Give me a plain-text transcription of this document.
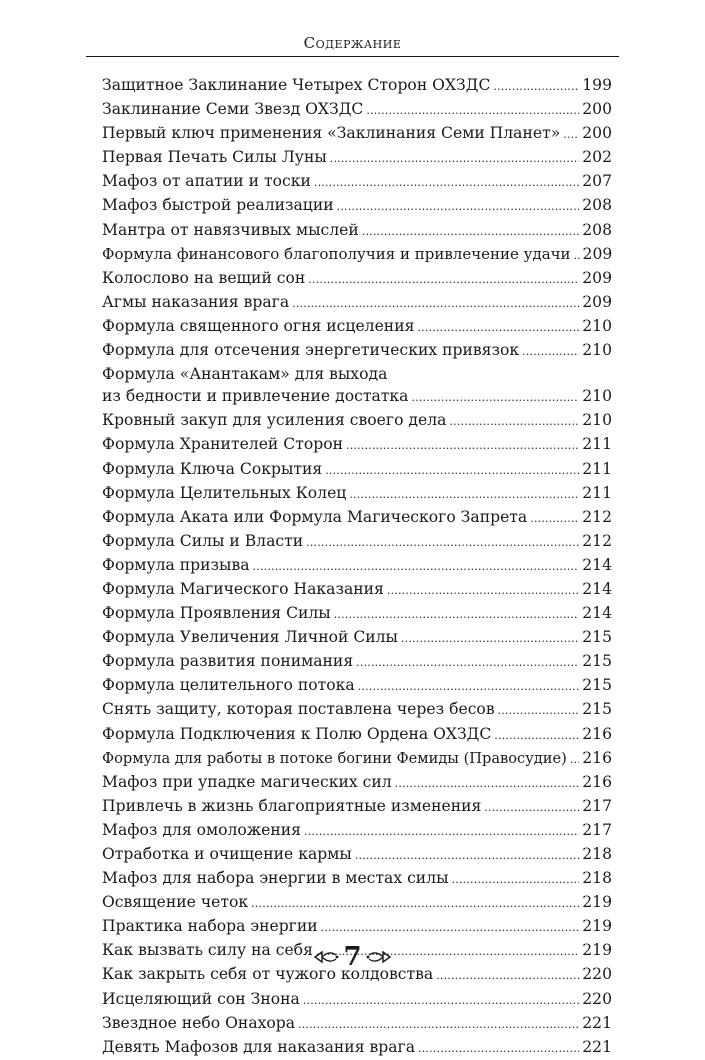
Содержание
Защитное Заклинание Четырех Сторон ОХЗДС .....	199
Заклинание Семи Звезд ОХЗДС .....	200
Первый ключ применения «Заклинания Семи Планет» ..... 200
Первая Печать Силы Луны .....	202
Мафоз от апатии и тоски .....	207
Мафоз быстрой реализации .....	208
Мантра от навязчивых мыслей .....	208
Формула финансового благополучия и привлечение удачи ..... 209
Колослово на вещий сон .....	209
Агмы наказания врага .....	209
Формула священного огня исцеления .....	210
Формула для отсечения энергетических привязок .....	210
Формула «Анантакам» для выхода
из бедности и привлечение достатка .....	210
Кровный закуп для усиления своего дела .....	210
Формула Хранителей Сторон .....	211
Формула Ключа Сокрытия .....	211
Формула Целительных Колец .....	211
Формула Аката или Формула Магического Запрета .....	212
Формула Силы и Власти .....	212
Формула призыва .....	214
Формула Магического Наказания .....	214
Формула Проявления Силы .....	214
Формула Увеличения Личной Силы .....	215
Формула развития понимания .....	215
Формула целительного потока .....	215
Снять защиту, которая поставлена через бесов .....	215
Формула Подключения к Полю Ордена ОХЗДС .....	216
Формула для работы в потоке богини Фемиды (Правосудие) ..... 216
Мафоз при упадке магических сил .....	216
Привлечь в жизнь благоприятные изменения .....	217
Мафоз для омоложения .....	217
Отработка и очищение кармы .....	218
Мафоз для набора энергии в местах силы .....	218
Освящение четок .....	219
Практика набора энергии .....	219
Как вызвать силу на себя .....	219
Как закрыть себя от чужого колдовства .....	220
Исцеляющий сон Знона .....	220
Звездное небо Онахора .....	221
Девять Мафозов для наказания врага .....	221
7
